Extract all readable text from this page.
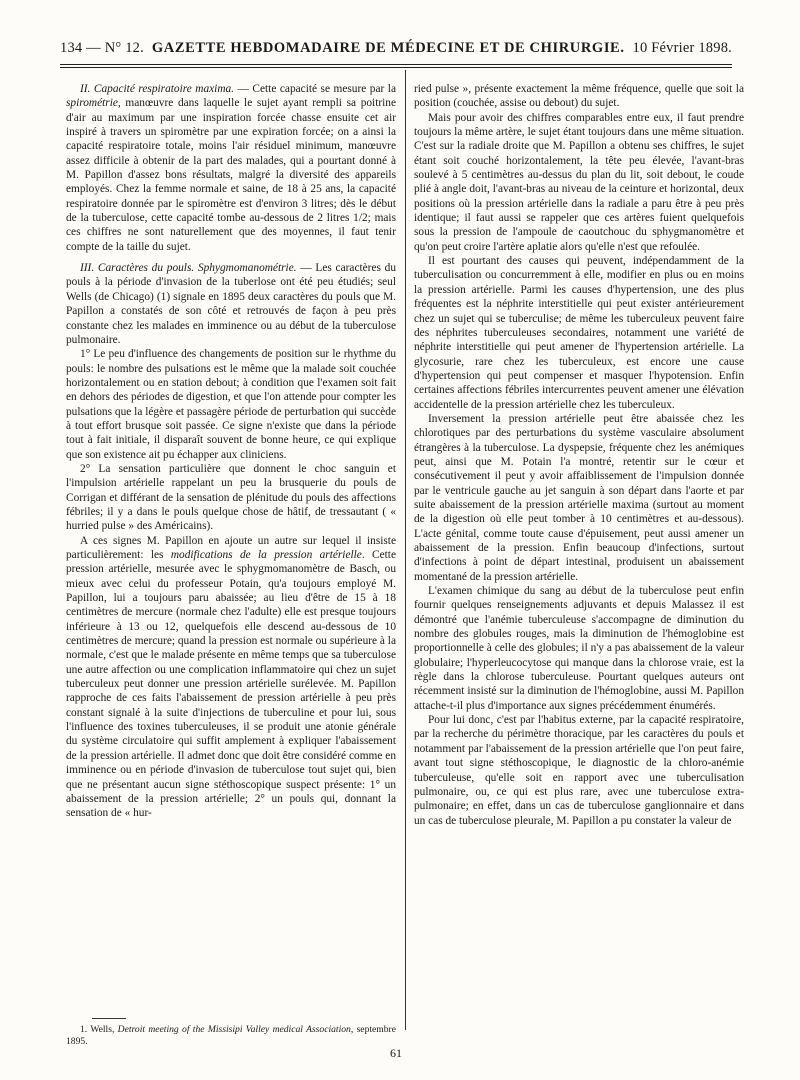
134 — N° 12. GAZETTE HEBDOMADAIRE DE MÉDECINE ET DE CHIRURGIE. 10 Février 1898.

II. Capacité respiratoire maxima. — Cette capacité se mesure par la spirométrie, manœuvre dans laquelle le sujet ayant rempli sa poitrine d'air au maximum par une inspiration forcée chasse ensuite cet air inspiré à travers un spiromètre par une expiration forcée; on a ainsi la capacité respiratoire totale, moins l'air résiduel minimum, manœuvre assez difficile à obtenir de la part des malades, qui a pourtant donné à M. Papillon d'assez bons résultats, malgré la diversité des appareils employés. Chez la femme normale et saine, de 18 à 25 ans, la capacité respiratoire donnée par le spiromètre est d'environ 3 litres; dès le début de la tuberculose, cette capacité tombe au-dessous de 2 litres 1/2; mais ces chiffres ne sont naturellement que des moyennes, il faut tenir compte de la taille du sujet.

III. Caractères du pouls. Sphygmomanométrie. — Les caractères du pouls à la période d'invasion de la tuberlose ont été peu étudiés; seul Wells (de Chicago) (1) signale en 1895 deux caractères du pouls que M. Papillon a constatés de son côté et retrouvés de façon à peu près constante chez les malades en imminence ou au début de la tuberculose pulmonaire.

1° Le peu d'influence des changements de position sur le rhythme du pouls: le nombre des pulsations est le même que la malade soit couchée horizontalement ou en station debout; à condition que l'examen soit fait en dehors des périodes de digestion, et que l'on attende pour compter les pulsations que la légère et passagère période de perturbation qui succède à tout effort brusque soit passée. Ce signe n'existe que dans la période tout à fait initiale, il disparaît souvent de bonne heure, ce qui explique que son existence ait pu échapper aux cliniciens.

2° La sensation particulière que donnent le choc sanguin et l'impulsion artérielle rappelant un peu la brusquerie du pouls de Corrigan et différant de la sensation de plénitude du pouls des affections fébriles; il y a dans le pouls quelque chose de hâtif, de tressautant ( « hurried pulse » des Américains).

A ces signes M. Papillon en ajoute un autre sur lequel il insiste particulièrement: les modifications de la pression artérielle. Cette pression artérielle, mesurée avec le sphygmomanomètre de Basch, ou mieux avec celui du professeur Potain, qu'a toujours employé M. Papillon, lui a toujours paru abaissée; au lieu d'être de 15 à 18 centimètres de mercure (normale chez l'adulte) elle est presque toujours inférieure à 13 ou 12, quelquefois elle descend au-dessous de 10 centimètres de mercure; quand la pression est normale ou supérieure à la normale, c'est que le malade présente en même temps que sa tuberculose une autre affection ou une complication inflammatoire qui chez un sujet tuberculeux peut donner une pression artérielle surélevée. M. Papillon rapproche de ces faits l'abaissement de pression artérielle à peu près constant signalé à la suite d'injections de tuberculine et pour lui, sous l'influence des toxines tuberculeuses, il se produit une atonie générale du système circulatoire qui suffit amplement à expliquer l'abaissement de la pression artérielle. Il admet donc que doit être considéré comme en imminence ou en période d'invasion de tuberculose tout sujet qui, bien que ne présentant aucun signe stéthoscopique suspect présente: 1° un abaissement de la pression artérielle; 2° un pouls qui, donnant la sensation de « hur-

ried pulse », présente exactement la même fréquence, quelle que soit la position (couchée, assise ou debout) du sujet.

Mais pour avoir des chiffres comparables entre eux, il faut prendre toujours la même artère, le sujet étant toujours dans une même situation. C'est sur la radiale droite que M. Papillon a obtenu ses chiffres, le sujet étant soit couché horizontalement, la tête peu élevée, l'avant-bras soulevé à 5 centimètres au-dessus du plan du lit, soit debout, le coude plié à angle doit, l'avant-bras au niveau de la ceinture et horizontal, deux positions où la pression artérielle dans la radiale a paru être à peu près identique; il faut aussi se rappeler que ces artères fuient quelquefois sous la pression de l'ampoule de caoutchouc du sphygmanomètre et qu'on peut croire l'artère aplatie alors qu'elle n'est que refoulée.

Il est pourtant des causes qui peuvent, indépendamment de la tuberculisation ou concurremment à elle, modifier en plus ou en moins la pression artérielle. Parmi les causes d'hypertension, une des plus fréquentes est la néphrite interstitielle qui peut exister antérieurement chez un sujet qui se tuberculise; de même les tuberculeux peuvent faire des néphrites tuberculeuses secondaires, notamment une variété de néphrite interstitielle qui peut amener de l'hypertension artérielle. La glycosurie, rare chez les tuberculeux, est encore une cause d'hypertension qui peut compenser et masquer l'hypotension. Enfin certaines affections fébriles intercurrentes peuvent amener une élévation accidentelle de la pression artérielle chez les tuberculeux.

Inversement la pression artérielle peut être abaissée chez les chlorotiques par des perturbations du système vasculaire absolument étrangères à la tuberculose. La dyspepsie, fréquente chez les anémiques peut, ainsi que M. Potain l'a montré, retentir sur le cœur et consécutivement il peut y avoir affaiblissement de l'impulsion donnée par le ventricule gauche au jet sanguin à son départ dans l'aorte et par suite abaissement de la pression artérielle maxima (surtout au moment de la digestion où elle peut tomber à 10 centimètres et au-dessous). L'acte génital, comme toute cause d'épuisement, peut aussi amener un abaissement de la pression. Enfin beaucoup d'infections, surtout d'infections à point de départ intestinal, produisent un abaissement momentané de la pression artérielle.

L'examen chimique du sang au début de la tuberculose peut enfin fournir quelques renseignements adjuvants et depuis Malassez il est démontré que l'anémie tuberculeuse s'accompagne de diminution du nombre des globules rouges, mais la diminution de l'hémoglobine est proportionnelle à celle des globules; il n'y a pas abaissement de la valeur globulaire; l'hyperleucocytose qui manque dans la chlorose vraie, est la règle dans la chlorose tuberculeuse. Pourtant quelques auteurs ont récemment insisté sur la diminution de l'hémoglobine, aussi M. Papillon attache-t-il plus d'importance aux signes précédemment énumérés.

Pour lui donc, c'est par l'habitus externe, par la capacité respiratoire, par la recherche du périmètre thoracique, par les caractères du pouls et notamment par l'abaissement de la pression artérielle que l'on peut faire, avant tout signe stéthoscopique, le diagnostic de la chloro-anémie tuberculeuse, qu'elle soit en rapport avec une tuberculisation pulmonaire, ou, ce qui est plus rare, avec une tuberculose extra-pulmonaire; en effet, dans un cas de tuberculose ganglionnaire et dans un cas de tuberculose pleurale, M. Papillon a pu constater la valeur de

1. Wells, Detroit meeting of the Missisipi Valley medical Association, septembre 1895.
61
